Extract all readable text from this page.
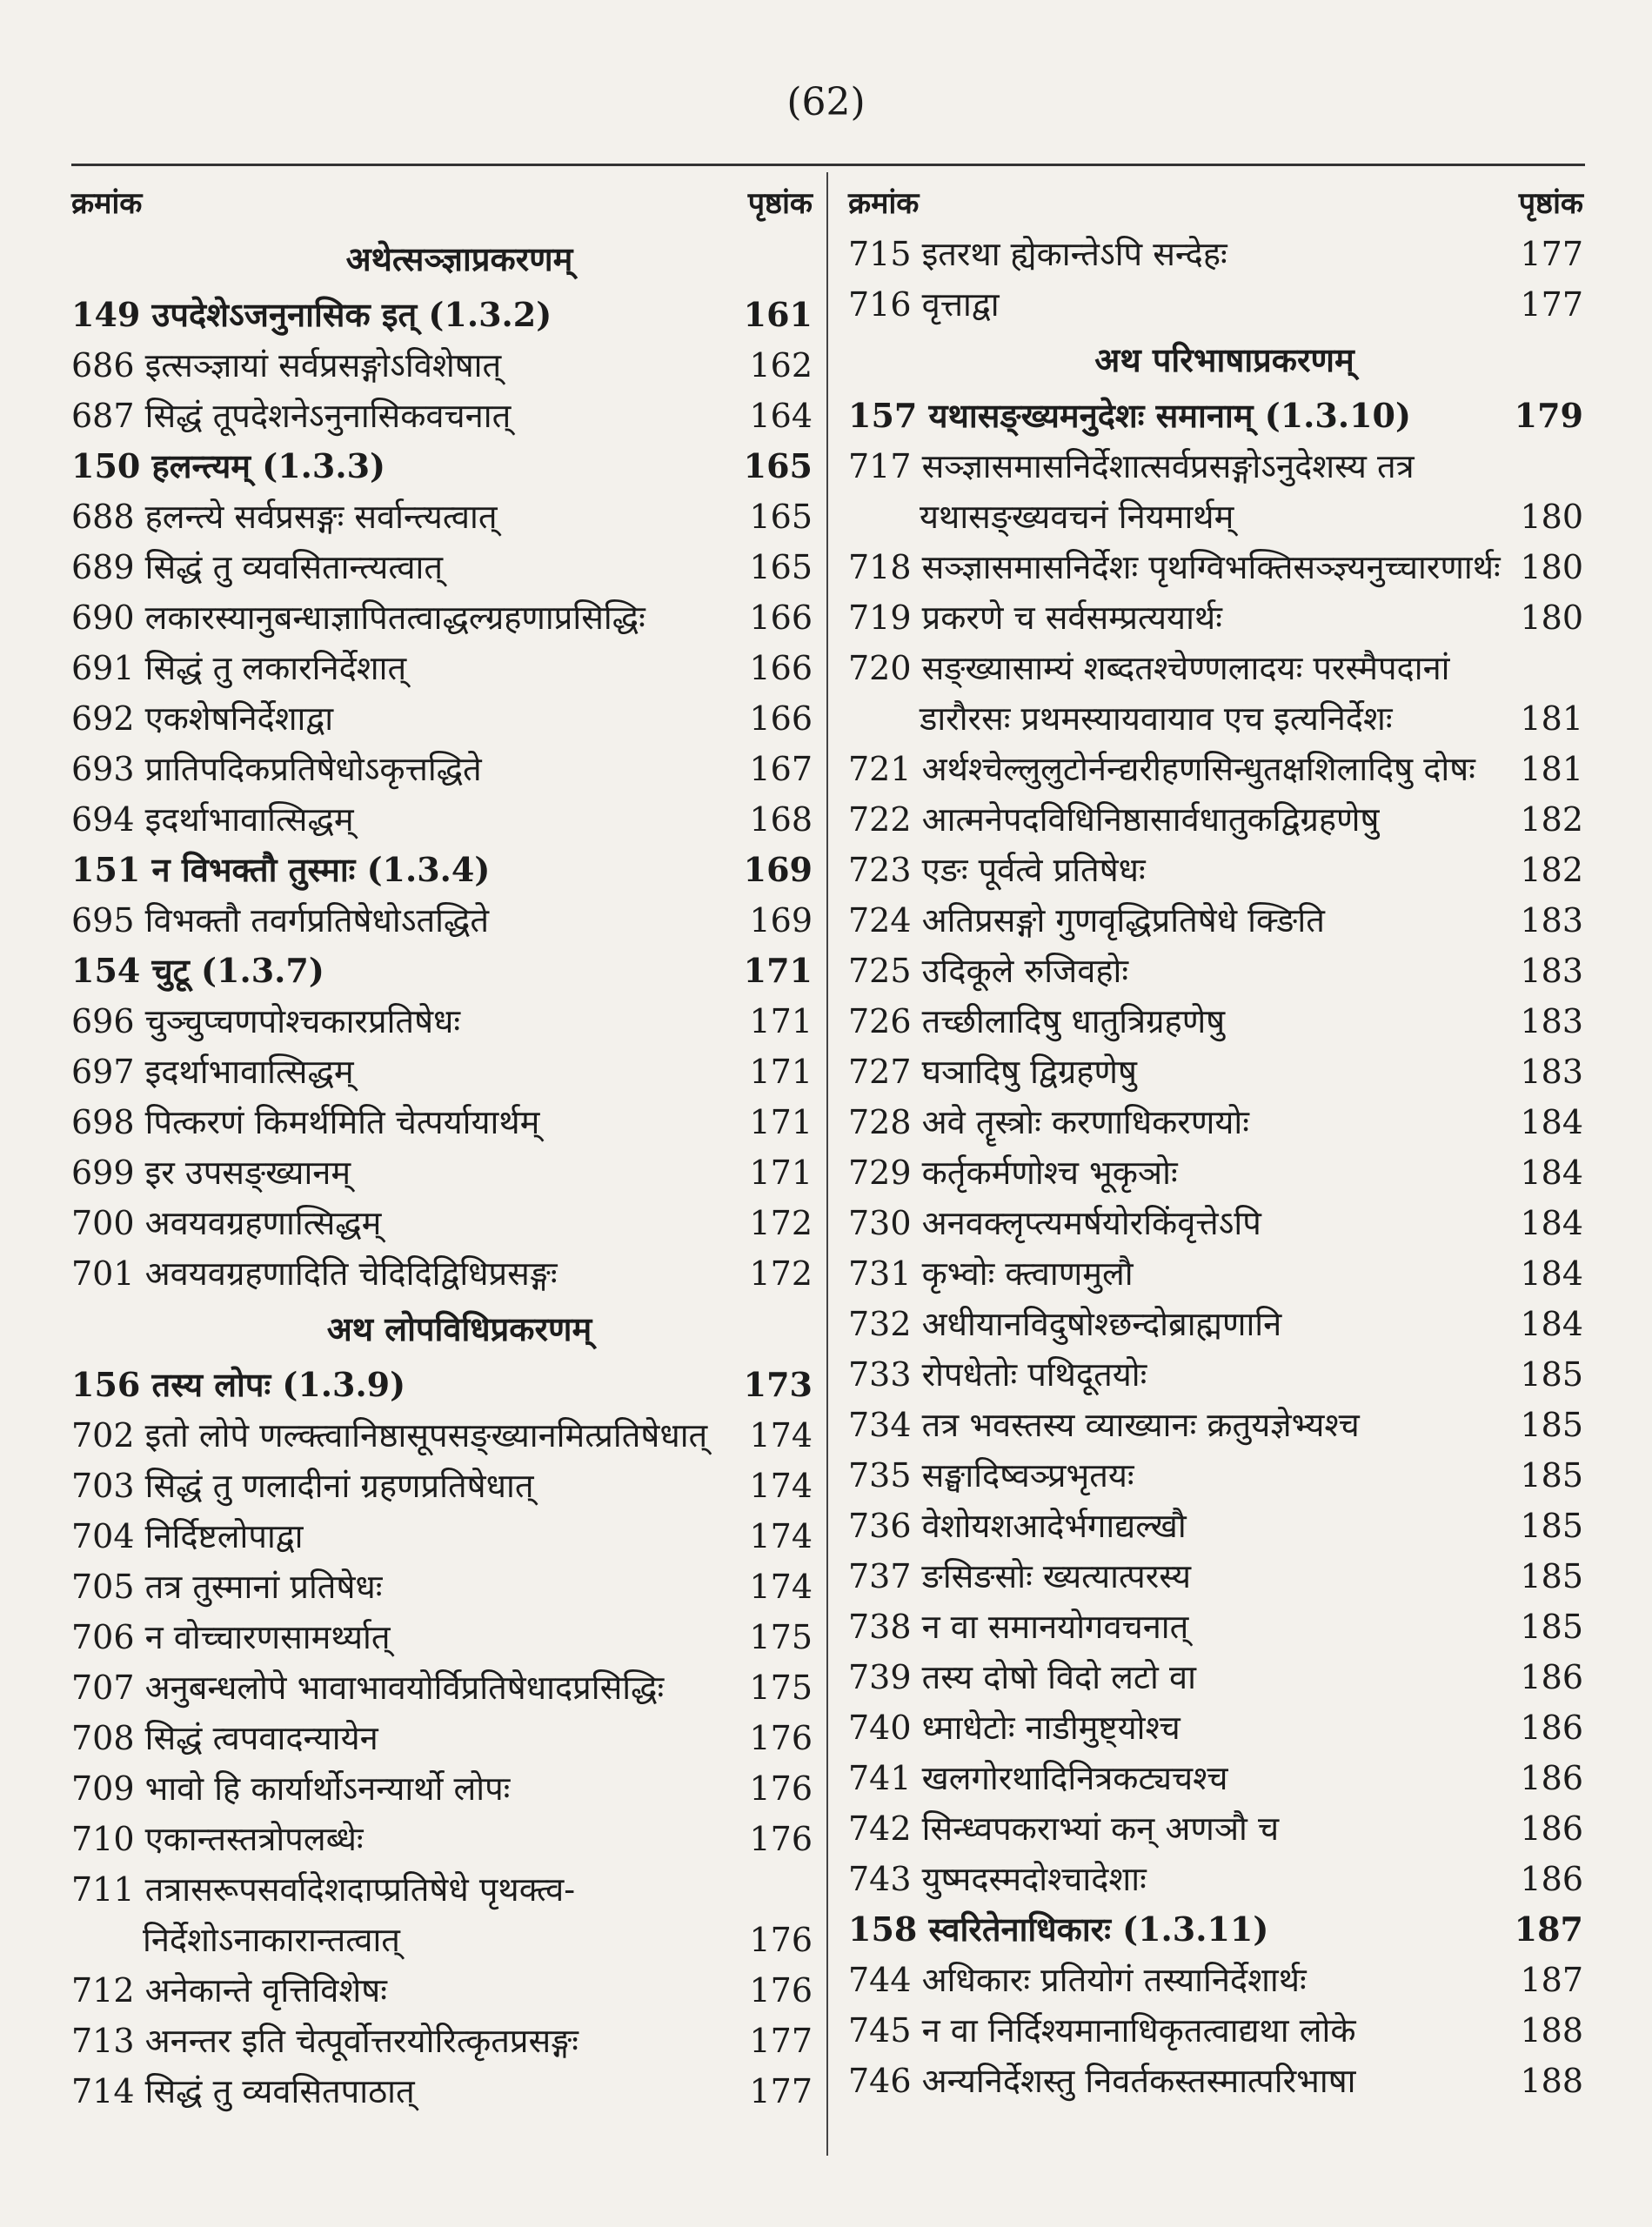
(62)
क्रमांक	पृष्ठांक
अथेत्सञ्ज्ञाप्रकरणम्
149 उपदेशेऽजनुनासिक इत् (1.3.2)	161
686 इत्सञ्ज्ञायां सर्वप्रसङ्गोऽविशेषात्	162
687 सिद्धं तूपदेशनेऽनुनासिकवचनात्	164
150 हलन्त्यम् (1.3.3)	165
688 हलन्त्ये सर्वप्रसङ्गः सर्वान्त्यत्वात्	165
689 सिद्धं तु व्यवसितान्त्यत्वात्	165
690 लकारस्यानुबन्धाज्ञापितत्वाद्धल्ग्रहणाप्रसिद्धिः	166
691 सिद्धं तु लकारनिर्देशात्	166
692 एकशेषनिर्देशाद्वा	166
693 प्रातिपदिकप्रतिषेधोऽकृत्तद्धिते	167
694 इदर्थाभावात्सिद्धम्	168
151 न विभक्तौ तुस्माः (1.3.4)	169
695 विभक्तौ तवर्गप्रतिषेधोऽतद्धिते	169
154 चुटू (1.3.7)	171
696 चुञ्चुप्चणपोश्चकारप्रतिषेधः	171
697 इदर्थाभावात्सिद्धम्	171
698 पित्करणं किमर्थमिति चेत्पर्यायार्थम्	171
699 इर उपसङ्ख्यानम्	171
700 अवयवग्रहणात्सिद्धम्	172
701 अवयवग्रहणादिति चेदिदिद्विधिप्रसङ्गः	172
अथ लोपविधिप्रकरणम्
156 तस्य लोपः (1.3.9)	173
702 इतो लोपे णल्क्त्वानिष्ठासूपसङ्ख्यानमित्प्रतिषेधात्	174
703 सिद्धं तु णलादीनां ग्रहणप्रतिषेधात्	174
704 निर्दिष्टलोपाद्वा	174
705 तत्र तुस्मानां प्रतिषेधः	174
706 न वोच्चारणसामर्थ्यात्	175
707 अनुबन्धलोपे भावाभावयोर्विप्रतिषेधादप्रसिद्धिः	175
708 सिद्धं त्वपवादन्यायेन	176
709 भावो हि कार्यार्थोऽनन्यार्थो लोपः	176
710 एकान्तस्तत्रोपलब्धेः	176
711 तत्रासरूपसर्वादेशदाप्प्रतिषेधे पृथक्त्व-
निर्देशोऽनाकारान्तत्वात्	176
712 अनेकान्ते वृत्तिविशेषः	176
713 अनन्तर इति चेत्पूर्वोत्तरयोरित्कृतप्रसङ्गः	177
714 सिद्धं तु व्यवसितपाठात्	177
क्रमांक	पृष्ठांक
715 इतरथा ह्येकान्तेऽपि सन्देहः	177
716 वृत्ताद्वा	177
अथ परिभाषाप्रकरणम्
157 यथासङ्ख्यमनुदेशः समानाम् (1.3.10)	179
717 सञ्ज्ञासमासनिर्देशात्सर्वप्रसङ्गोऽनुदेशस्य तत्र
यथासङ्ख्यवचनं नियमार्थम्	180
718 सञ्ज्ञासमासनिर्देशः पृथग्विभक्तिसञ्ज्ञ्यनुच्चारणार्थः 180
719 प्रकरणे च सर्वसम्प्रत्ययार्थः	180
720 सङ्ख्यासाम्यं शब्दतश्चेण्णलादयः परस्मैपदानां
डारौरसः प्रथमस्यायवायाव एच इत्यनिर्देशः	181
721 अर्थश्चेल्लुलुटोर्नन्द्यरीहणसिन्धुतक्षशिलादिषु दोषः	181
722 आत्मनेपदविधिनिष्ठासार्वधातुकद्विग्रहणेषु	182
723 एङः पूर्वत्वे प्रतिषेधः	182
724 अतिप्रसङ्गो गुणवृद्धिप्रतिषेधे क्ङिति	183
725 उदिकूले रुजिवहोः	183
726 तच्छीलादिषु धातुत्रिग्रहणेषु	183
727 घञादिषु द्विग्रहणेषु	183
728 अवे तॄस्त्रोः करणाधिकरणयोः	184
729 कर्तृकर्मणोश्च भूकृञोः	184
730 अनवक्लृप्त्यमर्षयोरकिंवृत्तेऽपि	184
731 कृभ्वोः क्त्वाणमुलौ	184
732 अधीयानविदुषोश्छन्दोब्राह्मणानि	184
733 रोपधेतोः पथिदूतयोः	185
734 तत्र भवस्तस्य व्याख्यानः क्रतुयज्ञेभ्यश्च	185
735 सङ्घादिष्वञ्प्रभृतयः	185
736 वेशोयशआदेर्भगाद्यल्खौ	185
737 ङसिङसोः ख्यत्यात्परस्य	185
738 न वा समानयोगवचनात्	185
739 तस्य दोषो विदो लटो वा	186
740 ध्माधेटोः नाडीमुष्ट्योश्च	186
741 खलगोरथादिनित्रकट्यचश्च	186
742 सिन्ध्वपकराभ्यां कन् अणञौ च	186
743 युष्मदस्मदोश्चादेशाः	186
158 स्वरितेनाधिकारः (1.3.11)	187
744 अधिकारः प्रतियोगं तस्यानिर्देशार्थः	187
745 न वा निर्दिश्यमानाधिकृतत्वाद्यथा लोके	188
746 अन्यनिर्देशस्तु निवर्तकस्तस्मात्परिभाषा	188
